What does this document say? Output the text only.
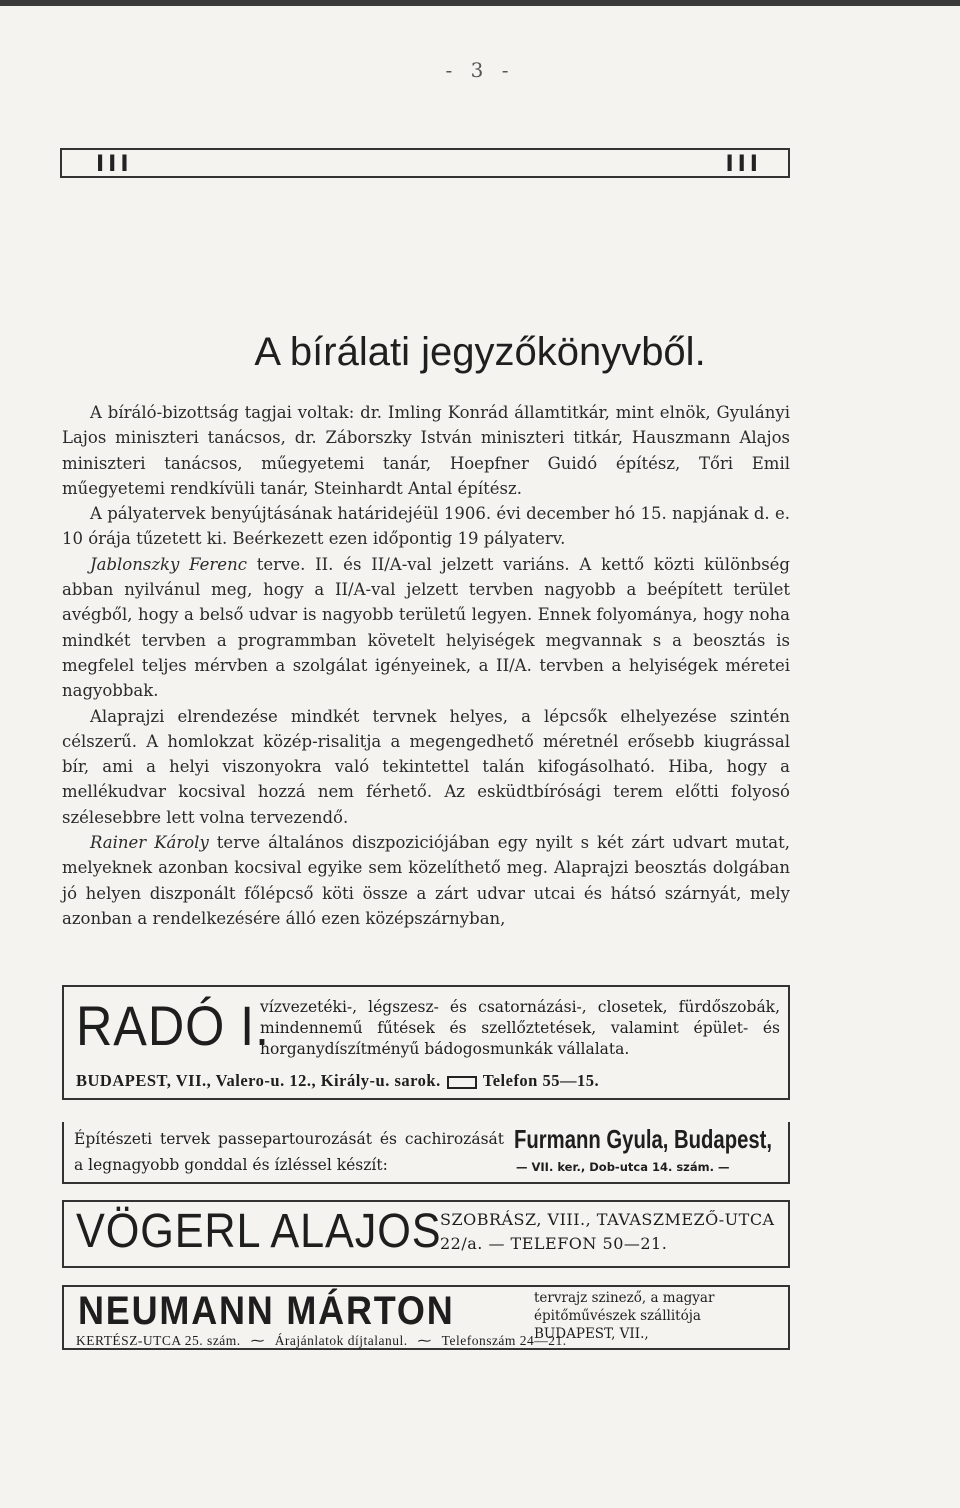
- 3 -
III	III
A bírálati jegyzőkönyvből.

A bíráló-bizottság tagjai voltak: dr. Imling Konrád államtitkár, mint elnök, Gyulányi Lajos miniszteri tanácsos, dr. Záborszky István miniszteri titkár, Hauszmann Alajos miniszteri tanácsos, műegyetemi tanár, Hoepfner Guidó építész, Tőri Emil műegyetemi rendkívüli tanár, Steinhardt Antal építész.

A pályatervek benyújtásának határidejéül 1906. évi december hó 15. napjának d. e. 10 órája tűzetett ki. Beérkezett ezen időpontig 19 pályaterv.

Jablonszky Ferenc terve. II. és II/A-val jelzett variáns. A kettő közti különbség abban nyilvánul meg, hogy a II/A-val jelzett tervben nagyobb a beépített terület avégből, hogy a belső udvar is nagyobb területű legyen. Ennek folyománya, hogy noha mindkét tervben a programmban követelt helyiségek megvannak s a beosztás is megfelel teljes mérvben a szolgálat igényeinek, a II/A. tervben a helyiségek méretei nagyobbak.

Alaprajzi elrendezése mindkét tervnek helyes, a lépcsők elhelyezése szintén célszerű. A homlokzat közép-risalitja a megengedhető méretnél erősebb kiugrással bír, ami a helyi viszonyokra való tekintettel talán kifogásolható. Hiba, hogy a mellékudvar kocsival hozzá nem férhető. Az esküdtbírósági terem előtti folyosó szélesebbre lett volna tervezendő.

Rainer Károly terve általános diszpoziciójában egy nyilt s két zárt udvart mutat, melyeknek azonban kocsival egyike sem közelíthető meg. Alaprajzi beosztás dolgában jó helyen diszponált főlépcső köti össze a zárt udvar utcai és hátsó szárnyát, mely azonban a rendelkezésére álló ezen középszárnyban,

RADÓ I.
vízvezetéki-, légszesz- és csatornázási-, closetek, fürdőszobák, mindennemű fűtések és szellőztetések, valamint épület- és horganydíszítményű bádogosmunkák vállalata.
BUDAPEST, VII., Valero-u. 12., Király-u. sarok.	Telefon 55—15.
Építészeti tervek passepartourozását és cachirozását a legnagyobb gonddal és ízléssel készít:
Furmann Gyula, Budapest,
— VII. ker., Dob-utca 14. szám. —
VÖGERL ALAJOS
SZOBRÁSZ, VIII., TAVASZMEZŐ-UTCA 22/a. — TELEFON 50—21.
NEUMANN MÁRTON	tervrajz szinező, a magyar épitőművészek szállitója BUDAPEST, VII.,
KERTÉSZ-UTCA 25. szám. ⁓ Árajánlatok díjtalanul. ⁓ Telefonszám 24—21.
